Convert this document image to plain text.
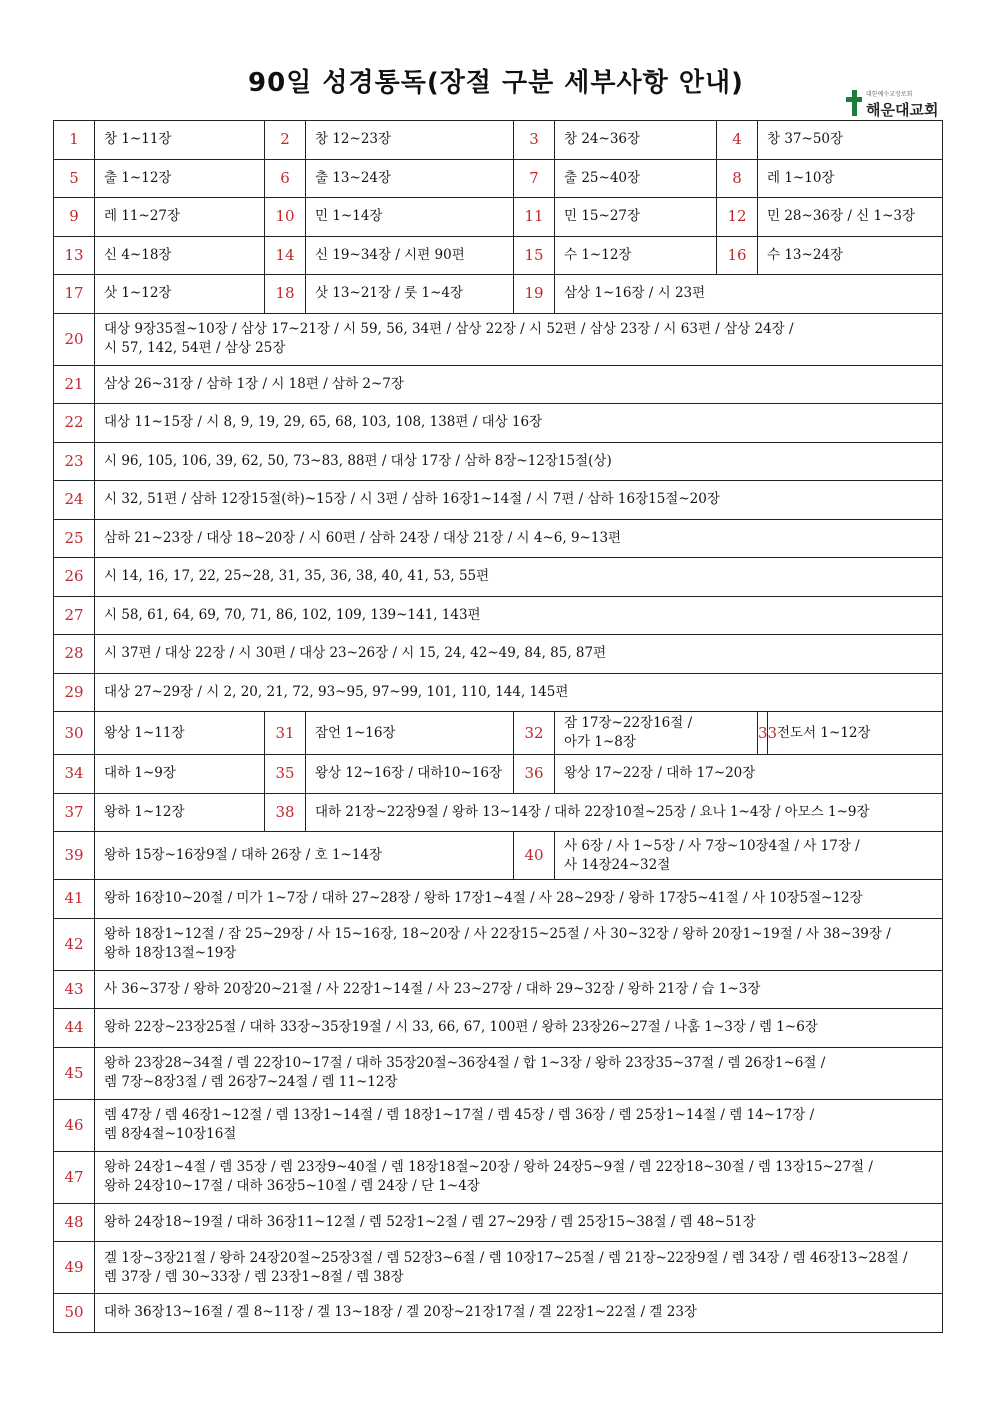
90일 성경통독(장절 구분 세부사항 안내)	대한예수교장로회
해운대교회
1	창 1~11장	2	창 12~23장	3	창 24~36장	4	창 37~50장	
5	출 1~12장	6	출 13~24장	7	출 25~40장	8	레 1~10장	
9	레 11~27장	10	민 1~14장	11	민 15~27장	12	민 28~36장 / 신 1~3장	
13	신 4~18장	14	신 19~34장 / 시편 90편	15	수 1~12장	16	수 13~24장	
17	삿 1~12장	18	삿 13~21장 / 룻 1~4장	19	삼상 1~16장 / 시 23편			
20	대상 9장35절~10장 / 삼상 17~21장 / 시 59, 56, 34편 / 삼상 22장 / 시 52편 / 삼상 23장 / 시 63편 / 삼상 24장 /
시 57, 142, 54편 / 삼상 25장							

21	삼상 26~31장 / 삼하 1장 / 시 18편 / 삼하 2~7장							
22	대상 11~15장 / 시 8, 9, 19, 29, 65, 68, 103, 108, 138편 / 대상 16장							
23	시 96, 105, 106, 39, 62, 50, 73~83, 88편 / 대상 17장 / 삼하 8장~12장15절(상)							
24	시 32, 51편 / 삼하 12장15절(하)~15장 / 시 3편 / 삼하 16장1~14절 / 시 7편 / 삼하 16장15절~20장							
25	삼하 21~23장 / 대상 18~20장 / 시 60편 / 삼하 24장 / 대상 21장 / 시 4~6, 9~13편							
26	시 14, 16, 17, 22, 25~28, 31, 35, 36, 38, 40, 41, 53, 55편							
27	시 58, 61, 64, 69, 70, 71, 86, 102, 109, 139~141, 143편							
28	시 37편 / 대상 22장 / 시 30편 / 대상 23~26장 / 시 15, 24, 42~49, 84, 85, 87편							
29	대상 27~29장 / 시 2, 20, 21, 72, 93~95, 97~99, 101, 110, 144, 145편							
30	왕상 1~11장	31	잠언 1~16장	32	잠 17장~22장16절 /
아가 1~8장		33	전도서 1~12장
34	대하 1~9장	35	왕상 12~16장 / 대하10~16장	36	왕상 17~22장 / 대하 17~20장			
37	왕하 1~12장	38	대하 21장~22장9절 / 왕하 13~14장 / 대하 22장10절~25장 / 요나 1~4장 / 아모스 1~9장					
39	왕하 15장~16장9절 / 대하 26장 / 호 1~14장			40	사 6장 / 사 1~5장 / 사 7장~10장4절 / 사 17장 /
사 14장24~32절			

41	왕하 16장10~20절 / 미가 1~7장 / 대하 27~28장 / 왕하 17장1~4절 / 사 28~29장 / 왕하 17장5~41절 / 사 10장5절~12장							
42	왕하 18장1~12절 / 잠 25~29장 / 사 15~16장, 18~20장 / 사 22장15~25절 / 사 30~32장 / 왕하 20장1~19절 / 사 38~39장 /
왕하 18장13절~19장							

43	사 36~37장 / 왕하 20장20~21절 / 사 22장1~14절 / 사 23~27장 / 대하 29~32장 / 왕하 21장 / 습 1~3장							
44	왕하 22장~23장25절 / 대하 33장~35장19절 / 시 33, 66, 67, 100편 / 왕하 23장26~27절 / 나훔 1~3장 / 렘 1~6장							
45	왕하 23장28~34절 / 렘 22장10~17절 / 대하 35장20절~36장4절 / 합 1~3장 / 왕하 23장35~37절 / 렘 26장1~6절 /
렘 7장~8장3절 / 렘 26장7~24절 / 렘 11~12장							

46	렘 47장 / 렘 46장1~12절 / 렘 13장1~14절 / 렘 18장1~17절 / 렘 45장 / 렘 36장 / 렘 25장1~14절 / 렘 14~17장 /
렘 8장4절~10장16절							

47	왕하 24장1~4절 / 렘 35장 / 렘 23장9~40절 / 렘 18장18절~20장 / 왕하 24장5~9절 / 렘 22장18~30절 / 렘 13장15~27절 /
왕하 24장10~17절 / 대하 36장5~10절 / 렘 24장 / 단 1~4장							

48	왕하 24장18~19절 / 대하 36장11~12절 / 렘 52장1~2절 / 렘 27~29장 / 렘 25장15~38절 / 렘 48~51장							
49	겔 1장~3장21절 / 왕하 24장20절~25장3절 / 렘 52장3~6절 / 렘 10장17~25절 / 렘 21장~22장9절 / 렘 34장 / 렘 46장13~28절 /
렘 37장 / 렘 30~33장 / 렘 23장1~8절 / 렘 38장							

50	대하 36장13~16절 / 겔 8~11장 / 겔 13~18장 / 겔 20장~21장17절 / 겔 22장1~22절 / 겔 23장							
